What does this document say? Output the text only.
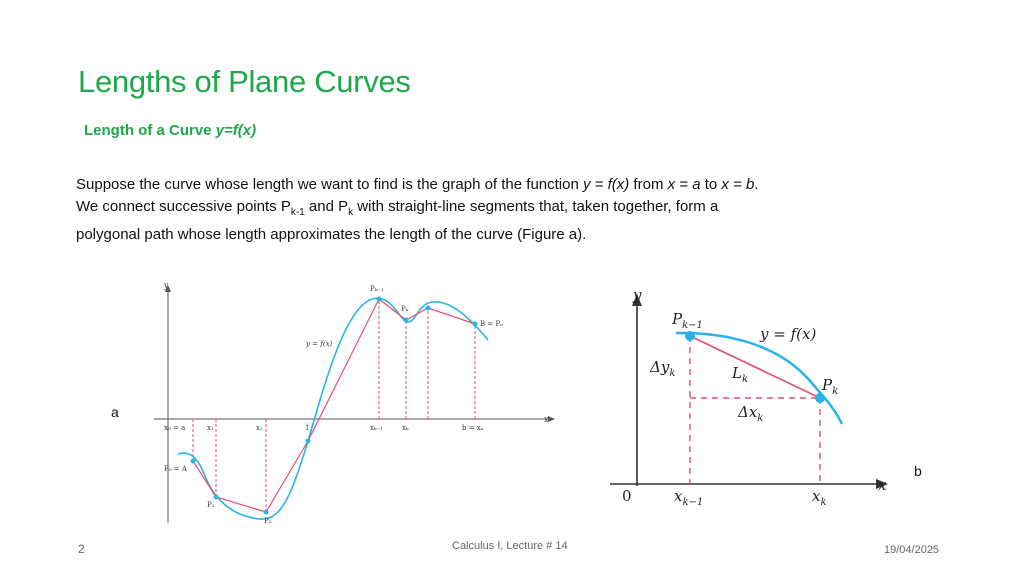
Lengths of Plane Curves
Length of a Curve y=f(x)
Suppose the curve whose length we want to find is the graph of the function y = f(x) from x = a to x = b.
We connect successive points $P_{k-1}$ and $P_k$ with straight-line segments that, taken together, form a
polygonal path whose length approximates the length of the curve (Figure a).
y
x
y = f(x)
x₀ = a	x₁	x₂	1	xₖ₋₁	xₖ	b = xₙ
P₀ = A
P₁
P₂
Pₖ₋₁
Pₖ
B = Pₙ
a
y
x
0
y = f(x)
$P_{k-1}$
$P_k$
$\Delta y_k$
$\Delta x_k$
$L_k$
$x_{k-1}$	$x_k$
b
2	Calculus I, Lecture # 14	19/04/2025
